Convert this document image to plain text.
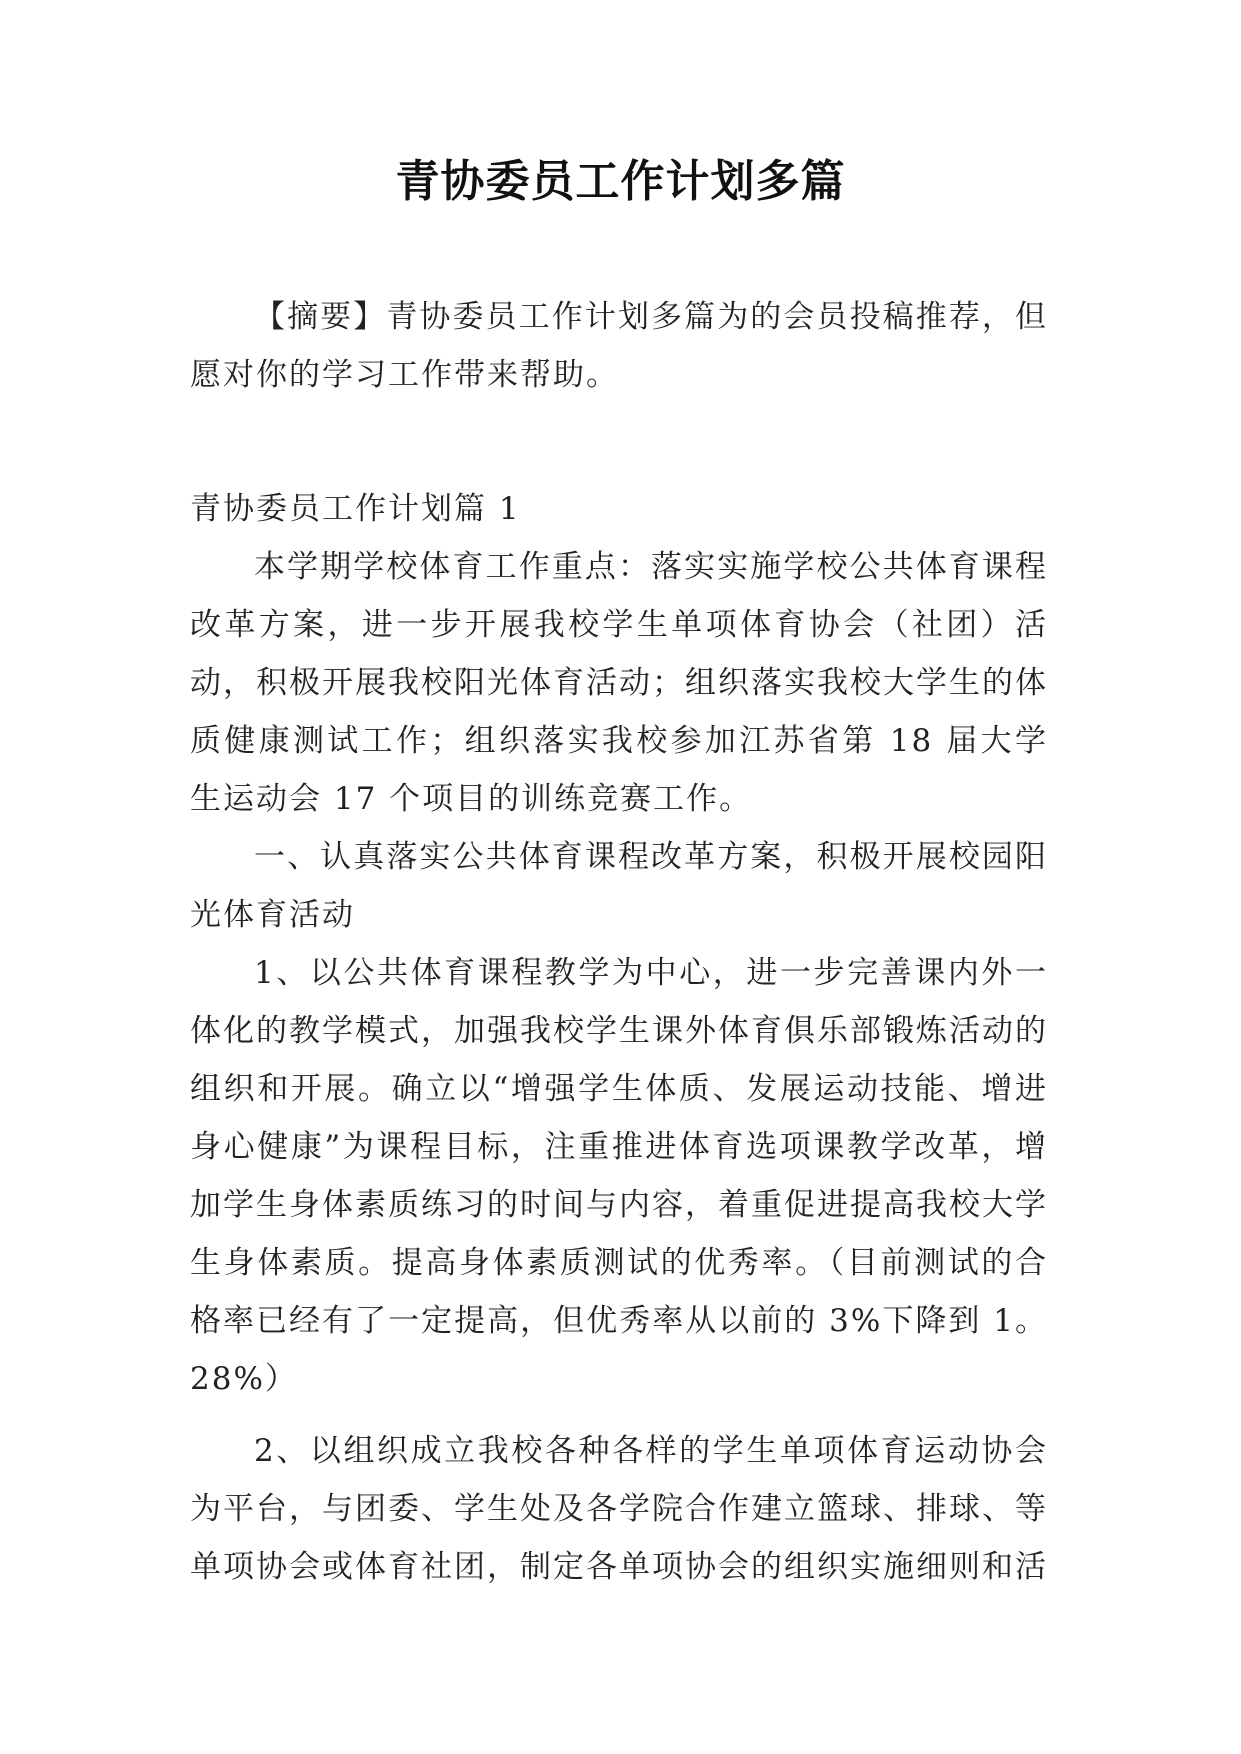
青协委员工作计划多篇

【摘要】青协委员工作计划多篇为的会员投稿推荐，但愿对你的学习工作带来帮助。

青协委员工作计划篇 1

本学期学校体育工作重点：落实实施学校公共体育课程改革方案，进一步开展我校学生单项体育协会（社团）活动，积极开展我校阳光体育活动；组织落实我校大学生的体质健康测试工作；组织落实我校参加江苏省第 18 届大学生运动会 17 个项目的训练竞赛工作。

一、认真落实公共体育课程改革方案，积极开展校园阳光体育活动

1、以公共体育课程教学为中心，进一步完善课内外一体化的教学模式，加强我校学生课外体育俱乐部锻炼活动的组织和开展。确立以“增强学生体质、发展运动技能、增进身心健康”为课程目标，注重推进体育选项课教学改革，增加学生身体素质练习的时间与内容，着重促进提高我校大学生身体素质。提高身体素质测试的优秀率。（目前测试的合格率已经有了一定提高，但优秀率从以前的 3%下降到 1。28%）

2、以组织成立我校各种各样的学生单项体育运动协会为平台，与团委、学生处及各学院合作建立篮球、排球、等单项协会或体育社团，制定各单项协会的组织实施细则和活
